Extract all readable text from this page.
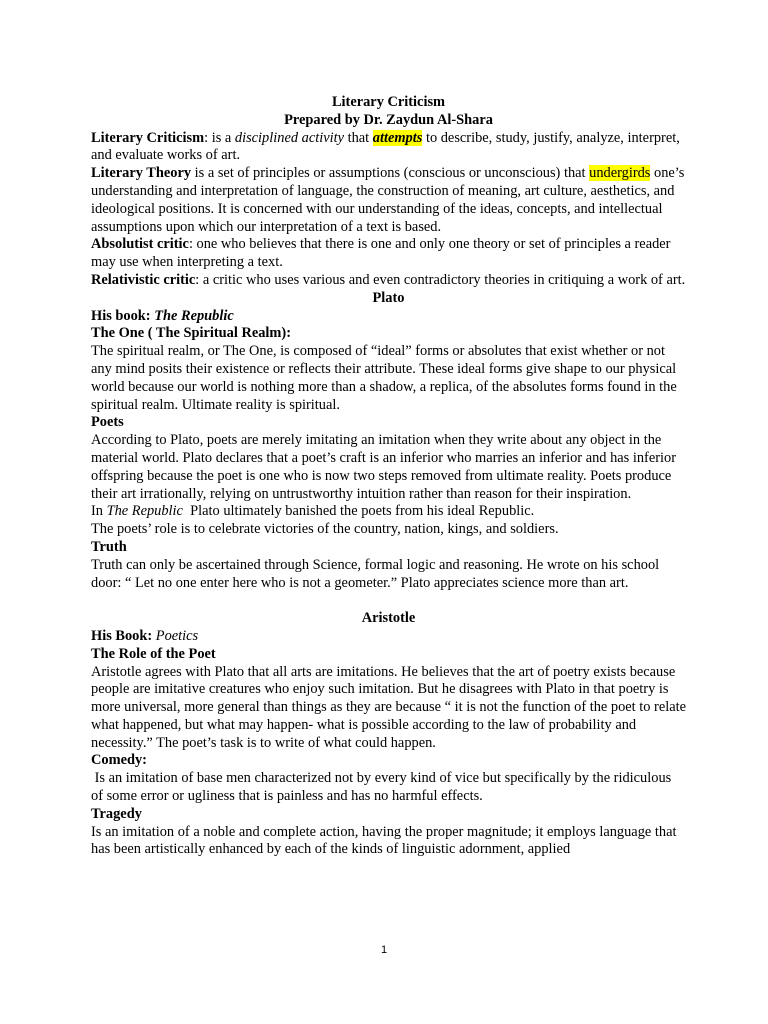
Literary Criticism

Prepared by Dr. Zaydun Al-Shara

Literary Criticism: is a disciplined activity that attempts to describe, study, justify, analyze, interpret, and evaluate works of art.

Literary Theory is a set of principles or assumptions (conscious or unconscious) that undergirds one’s understanding and interpretation of language, the construction of meaning, art culture, aesthetics, and ideological positions. It is concerned with our understanding of the ideas, concepts, and intellectual assumptions upon which our interpretation of a text is based.

Absolutist critic: one who believes that there is one and only one theory or set of principles a reader may use when interpreting a text.

Relativistic critic: a critic who uses various and even contradictory theories in critiquing a work of art.

Plato

His book: The Republic

The One ( The Spiritual Realm):

The spiritual realm, or The One, is composed of “ideal” forms or absolutes that exist whether or not any mind posits their existence or reflects their attribute. These ideal forms give shape to our physical world because our world is nothing more than a shadow, a replica, of the absolutes forms found in the spiritual realm. Ultimate reality is spiritual.

Poets

According to Plato, poets are merely imitating an imitation when they write about any object in the material world. Plato declares that a poet’s craft is an inferior who marries an inferior and has inferior offspring because the poet is one who is now two steps removed from ultimate reality. Poets produce their art irrationally, relying on untrustworthy intuition rather than reason for their inspiration.

In The Republic  Plato ultimately banished the poets from his ideal Republic.

The poets’ role is to celebrate victories of the country, nation, kings, and soldiers.

Truth

Truth can only be ascertained through Science, formal logic and reasoning. He wrote on his school door: “ Let no one enter here who is not a geometer.” Plato appreciates science more than art.

Aristotle

His Book: Poetics

The Role of the Poet

Aristotle agrees with Plato that all arts are imitations. He believes that the art of poetry exists because people are imitative creatures who enjoy such imitation. But he disagrees with Plato in that poetry is more universal, more general than things as they are because “ it is not the function of the poet to relate what happened, but what may happen- what is possible according to the law of probability and necessity.” The poet’s task is to write of what could happen.

Comedy:

Is an imitation of base men characterized not by every kind of vice but specifically by the ridiculous of some error or ugliness that is painless and has no harmful effects.

Tragedy

Is an imitation of a noble and complete action, having the proper magnitude; it employs language that has been artistically enhanced by each of the kinds of linguistic adornment, applied

1
